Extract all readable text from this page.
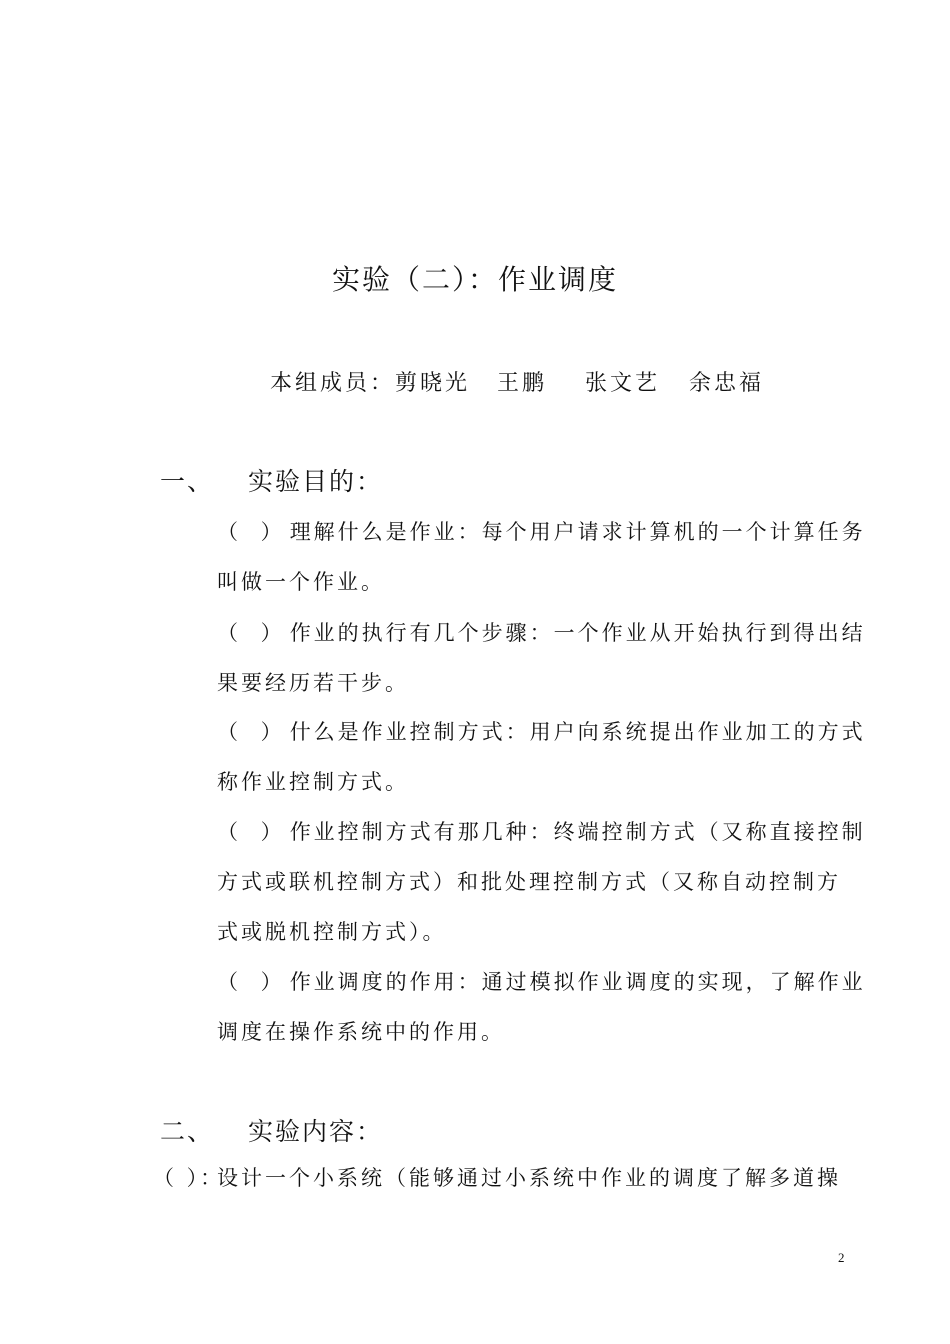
实验（二）：作业调度
本组成员：剪晓光 王鹏 张文艺 余忠福
一、 实验目的：
（ ）理解什么是作业：每个用户请求计算机的一个计算任务
叫做一个作业。
（ ）作业的执行有几个步骤：一个作业从开始执行到得出结
果要经历若干步。
（ ）什么是作业控制方式：用户向系统提出作业加工的方式
称作业控制方式。
（ ）作业控制方式有那几种：终端控制方式（又称直接控制
方式或联机控制方式）和批处理控制方式（又称自动控制方
式或脱机控制方式）。
（ ）作业调度的作用：通过模拟作业调度的实现，了解作业
调度在操作系统中的作用。
二、 实验内容：
（ ）：设计一个小系统（能够通过小系统中作业的调度了解多道操
2
